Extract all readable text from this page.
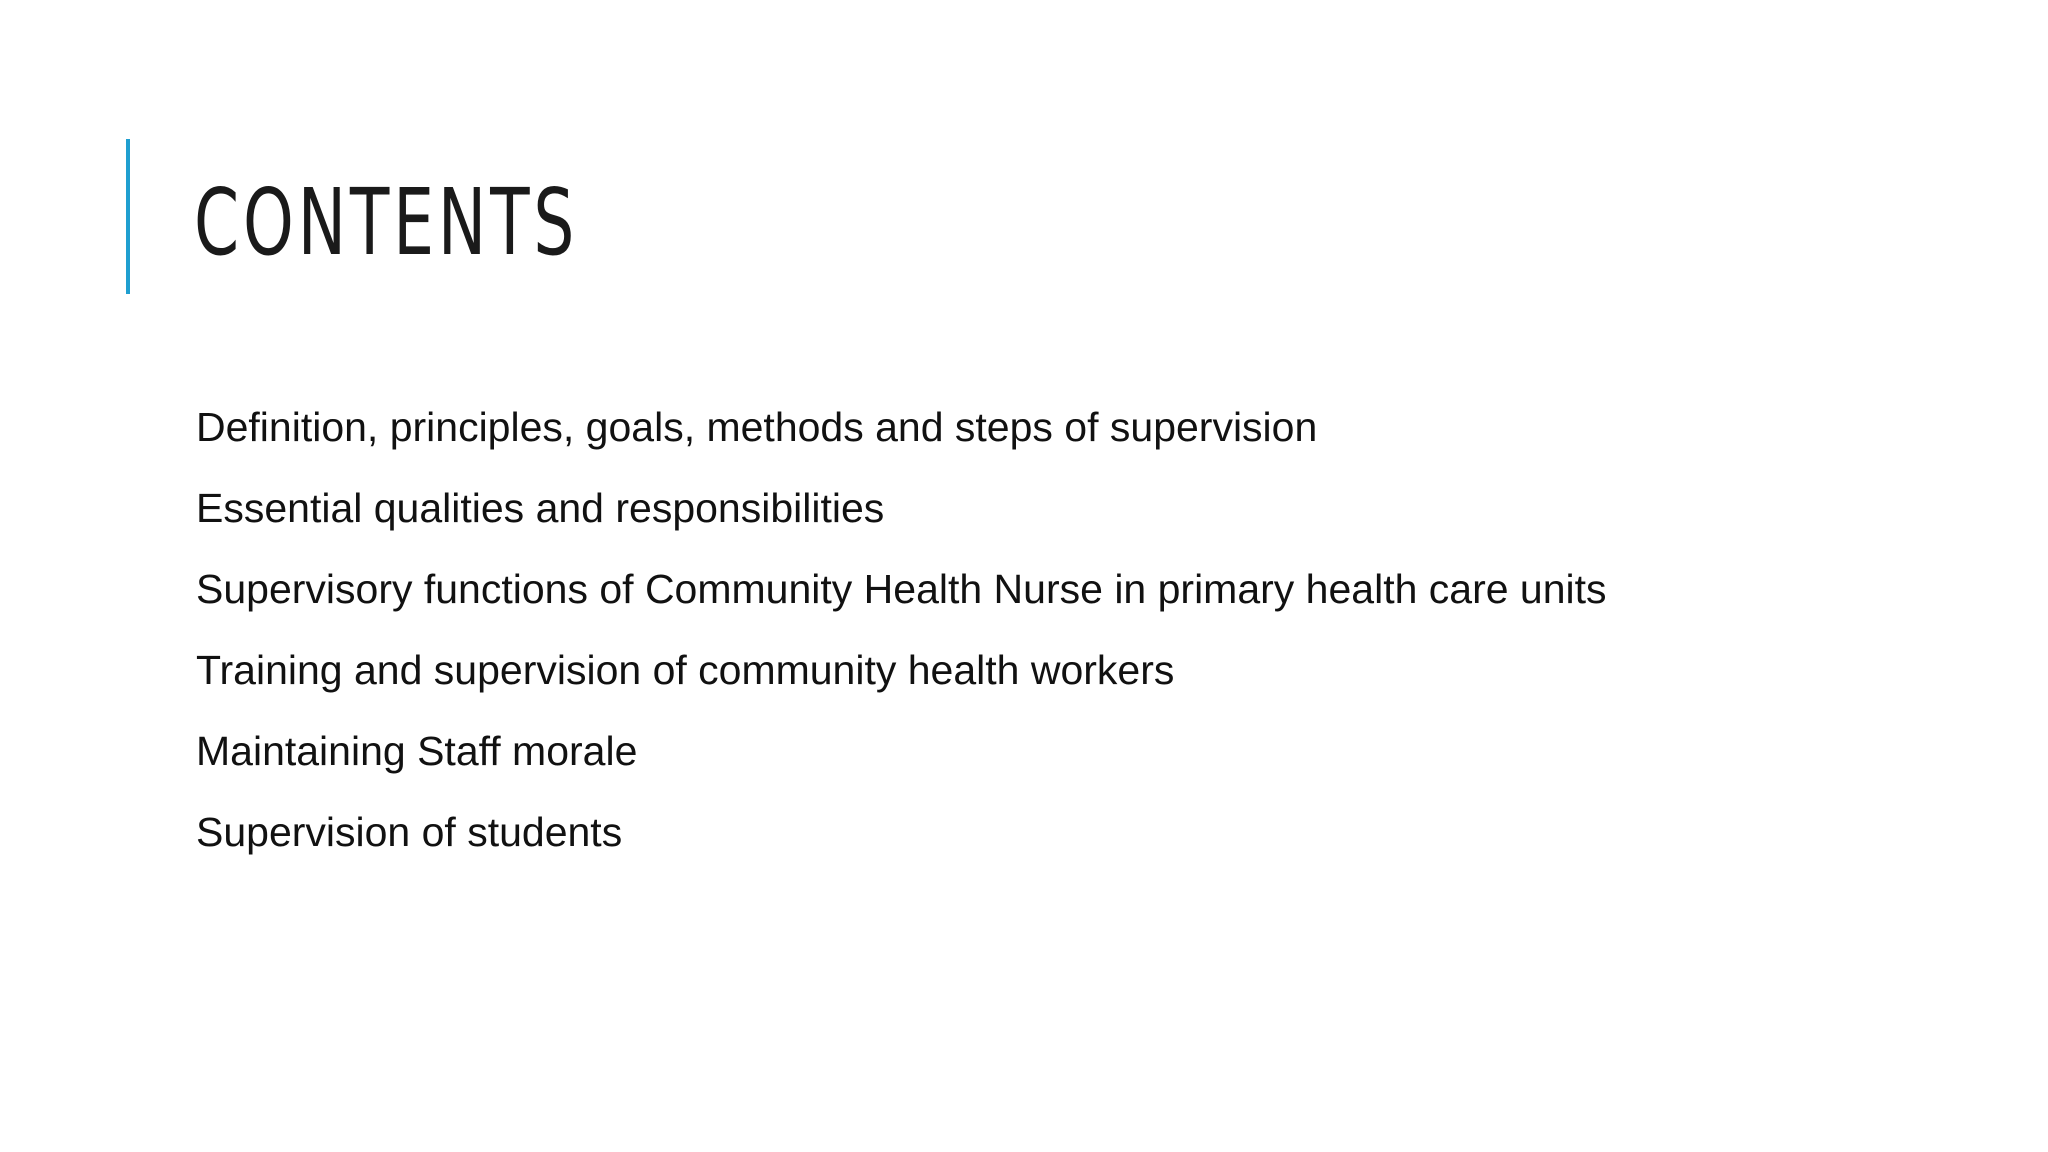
CONTENTS
Definition, principles, goals, methods and steps of supervision
Essential qualities and responsibilities
Supervisory functions of Community Health Nurse in primary health care units
Training and supervision of community health workers
Maintaining Staff morale
Supervision of students
